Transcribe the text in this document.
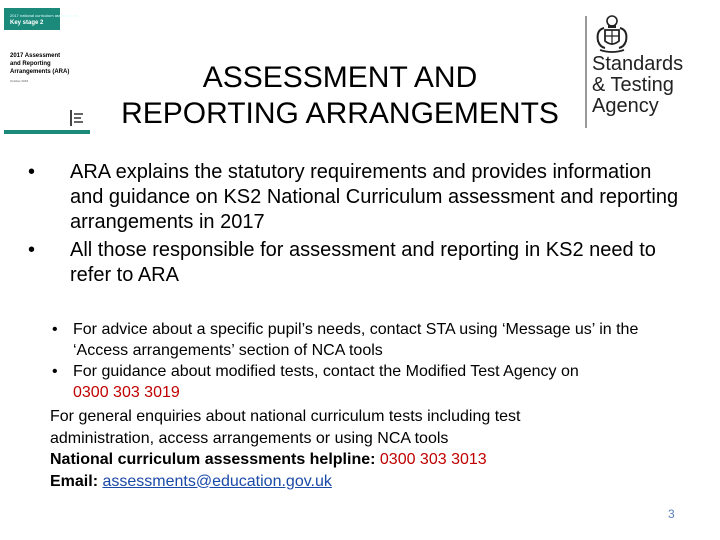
2017 national curriculum assessments
Key stage 2
2017 Assessment
and Reporting
Arrangements (ARA)
October 2016	ASSESSMENT AND
REPORTING ARRANGEMENTS
Standards
& Testing
Agency
•	ARA explains the statutory requirements and provides information and guidance on KS2 National Curriculum assessment and reporting arrangements in 2017
•	All those responsible for assessment and reporting in KS2 need to refer to ARA
• For advice about a specific pupil’s needs, contact STA using ‘Message us’ in the ‘Access arrangements’ section of NCA tools
• For guidance about modified tests, contact the Modified Test Agency on
0300 303 3019
For general enquiries about national curriculum tests including test
administration, access arrangements or using NCA tools
National curriculum assessments helpline: 0300 303 3013
Email: assessments@education.gov.uk
3
